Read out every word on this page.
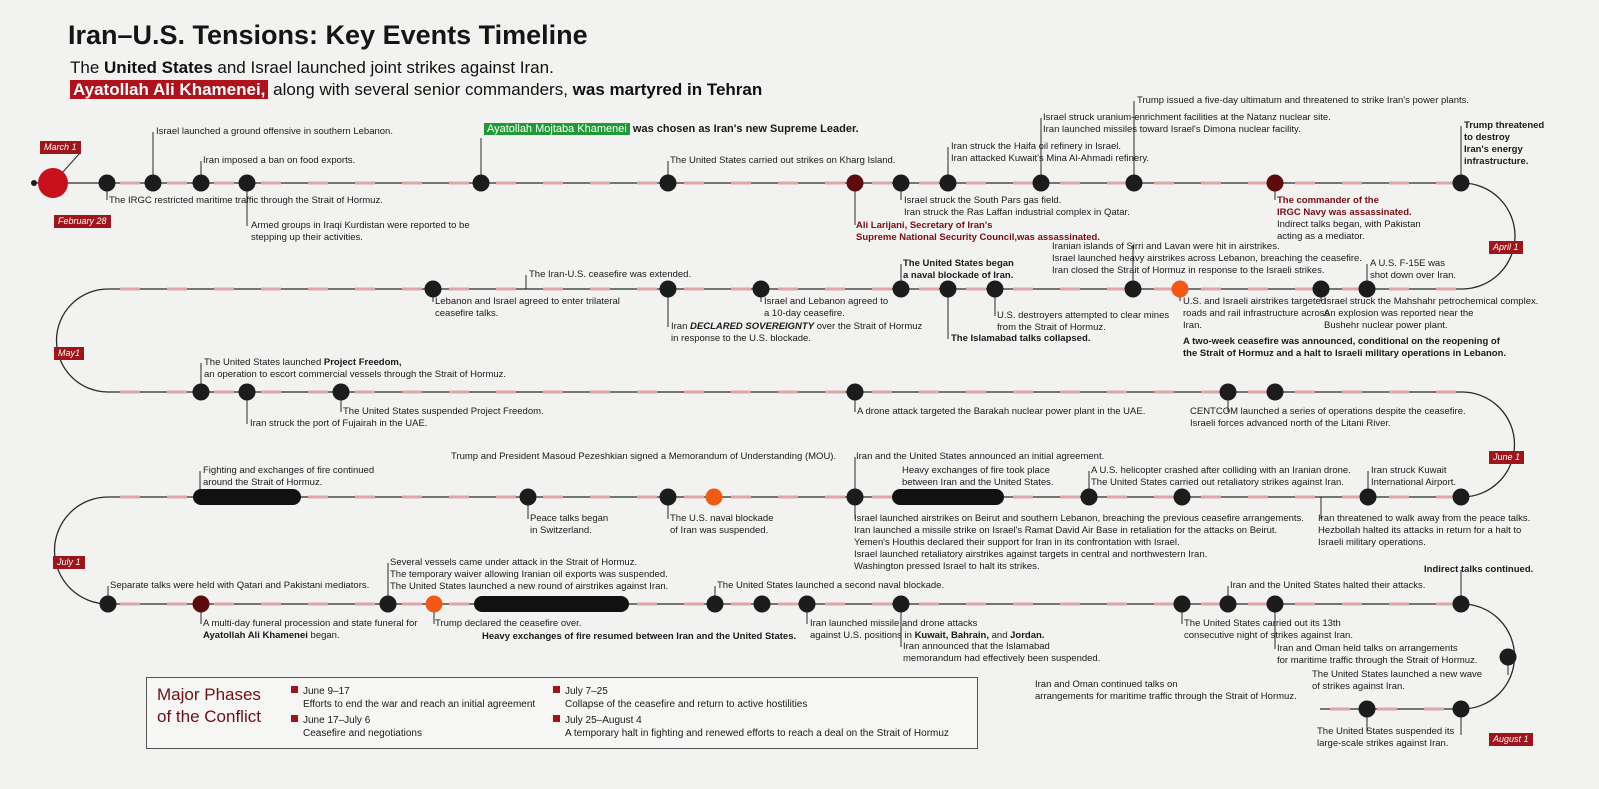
Iran–U.S. Tensions: Key Events Timeline
The United States and Israel launched joint strikes against Iran.
Ayatollah Ali Khamenei, along with several senior commanders, was martyred in Tehran
March 1
February 28
April 1
May1
June 1
July 1
August 1
Israel launched a ground offensive in southern Lebanon.
Iran imposed a ban on food exports.
The IRGC restricted maritime traffic through the Strait of Hormuz.
Armed groups in Iraqi Kurdistan were reported to be
stepping up their activities.
Ayatollah Mojtaba Khamenei was chosen as Iran's new Supreme Leader.
The United States carried out strikes on Kharg Island.
Ali Larijani, Secretary of Iran's
Supreme National Security Council,was assassinated.
Israel struck the South Pars gas field.
Iran struck the Ras Laffan industrial complex in Qatar.
Iran struck the Haifa oil refinery in Israel.
Iran attacked Kuwait's Mina Al-Ahmadi refinery.
Israel struck uranium-enrichment facilities at the Natanz nuclear site.
Iran launched missiles toward Israel's Dimona nuclear facility.
Trump issued a five-day ultimatum and threatened to strike Iran's power plants.
The commander of the
IRGC Navy was assassinated.
Indirect talks began, with Pakistan
acting as a mediator.
Trump threatened
to destroy
Iran's energy
infrastructure.
A U.S. F-15E was
shot down over Iran.
Israel struck the Mahshahr petrochemical complex.
An explosion was reported near the
Bushehr nuclear power plant.
U.S. and Israeli airstrikes targeted
roads and rail infrastructure across
Iran.
A two-week ceasefire was announced, conditional on the reopening of
the Strait of Hormuz and a halt to Israeli military operations in Lebanon.
Iranian islands of Sirri and Lavan were hit in airstrikes.
Israel launched heavy airstrikes across Lebanon, breaching the ceasefire.
Iran closed the Strait of Hormuz in response to the Israeli strikes.
The United States began
a naval blockade of Iran.
U.S. destroyers attempted to clear mines
from the Strait of Hormuz.
The Islamabad talks collapsed.
Israel and Lebanon agreed to
a 10-day ceasefire.
The Iran-U.S. ceasefire was extended.
Iran DECLARED SOVEREIGNTY over the Strait of Hormuz
in response to the U.S. blockade.
Lebanon and Israel agreed to enter trilateral
ceasefire talks.
The United States launched Project Freedom,
an operation to escort commercial vessels through the Strait of Hormuz.
Iran struck the port of Fujairah in the UAE.
The United States suspended Project Freedom.	A drone attack targeted the Barakah nuclear power plant in the UAE.	CENTCOM launched a series of operations despite the ceasefire.
Israeli forces advanced north of the Litani River.
Fighting and exchanges of fire continued
around the Strait of Hormuz.
Trump and President Masoud Pezeshkian signed a Memorandum of Understanding (MOU).
Peace talks began
in Switzerland.
The U.S. naval blockade
of Iran was suspended.
Iran and the United States announced an initial agreement.
Heavy exchanges of fire took place
between Iran and the United States.
Israel launched airstrikes on Beirut and southern Lebanon, breaching the previous ceasefire arrangements.
Iran launched a missile strike on Israel's Ramat David Air Base in retaliation for the attacks on Beirut.
Yemen's Houthis declared their support for Iran in its confrontation with Israel.
Israel launched retaliatory airstrikes against targets in central and northwestern Iran.
Washington pressed Israel to halt its strikes.
A U.S. helicopter crashed after colliding with an Iranian drone.
The United States carried out retaliatory strikes against Iran.
Iran struck Kuwait
International Airport.
Iran threatened to walk away from the peace talks.
Hezbollah halted its attacks in return for a halt to
Israeli military operations.
Separate talks were held with Qatari and Pakistani mediators.
A multi-day funeral procession and state funeral for
Ayatollah Ali Khamenei began.
Several vessels came under attack in the Strait of Hormuz.
The temporary waiver allowing Iranian oil exports was suspended.
The United States launched a new round of airstrikes against Iran.
Trump declared the ceasefire over.
Heavy exchanges of fire resumed between Iran and the United States.
The United States launched a second naval blockade.
Iran launched missile and drone attacks
against U.S. positions in Kuwait, Bahrain, and Jordan.
Iran announced that the Islamabad
memorandum had effectively been suspended.
Iran and the United States halted their attacks.
The United States carried out its 13th
consecutive night of strikes against Iran.
Iran and Oman held talks on arrangements
for maritime traffic through the Strait of Hormuz.
Indirect talks continued.
The United States launched a new wave
of strikes against Iran.
Iran and Oman continued talks on
arrangements for maritime traffic through the Strait of Hormuz.
The United States suspended its
large-scale strikes against Iran.
Major Phases
of the Conflict
June 9–17
Efforts to end the war and reach an initial agreement
June 17–July 6
Ceasefire and negotiations
July 7–25
Collapse of the ceasefire and return to active hostilities
July 25–August 4
A temporary halt in fighting and renewed efforts to reach a deal on the Strait of Hormuz
